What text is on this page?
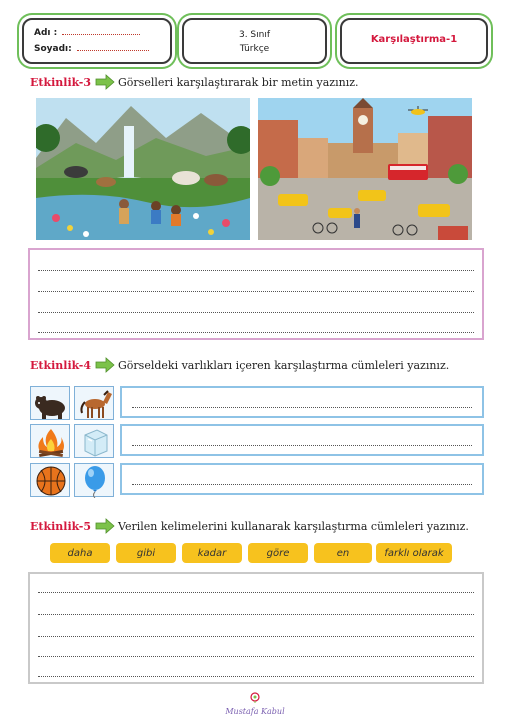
Adı :
Soyadı:
3. Sınıf
Türkçe
Karşılaştırma-1
Etkinlik-3 Görselleri karşılaştırarak bir metin yazınız.
Etkinlik-4 Görseldeki varlıkları içeren karşılaştırma cümleleri yazınız.
Etkinlik-5 Verilen kelimelerini kullanarak karşılaştırma cümleleri yazınız.
daha	gibi	kadar	göre	en	farklı olarak
Mustafa Kabul
